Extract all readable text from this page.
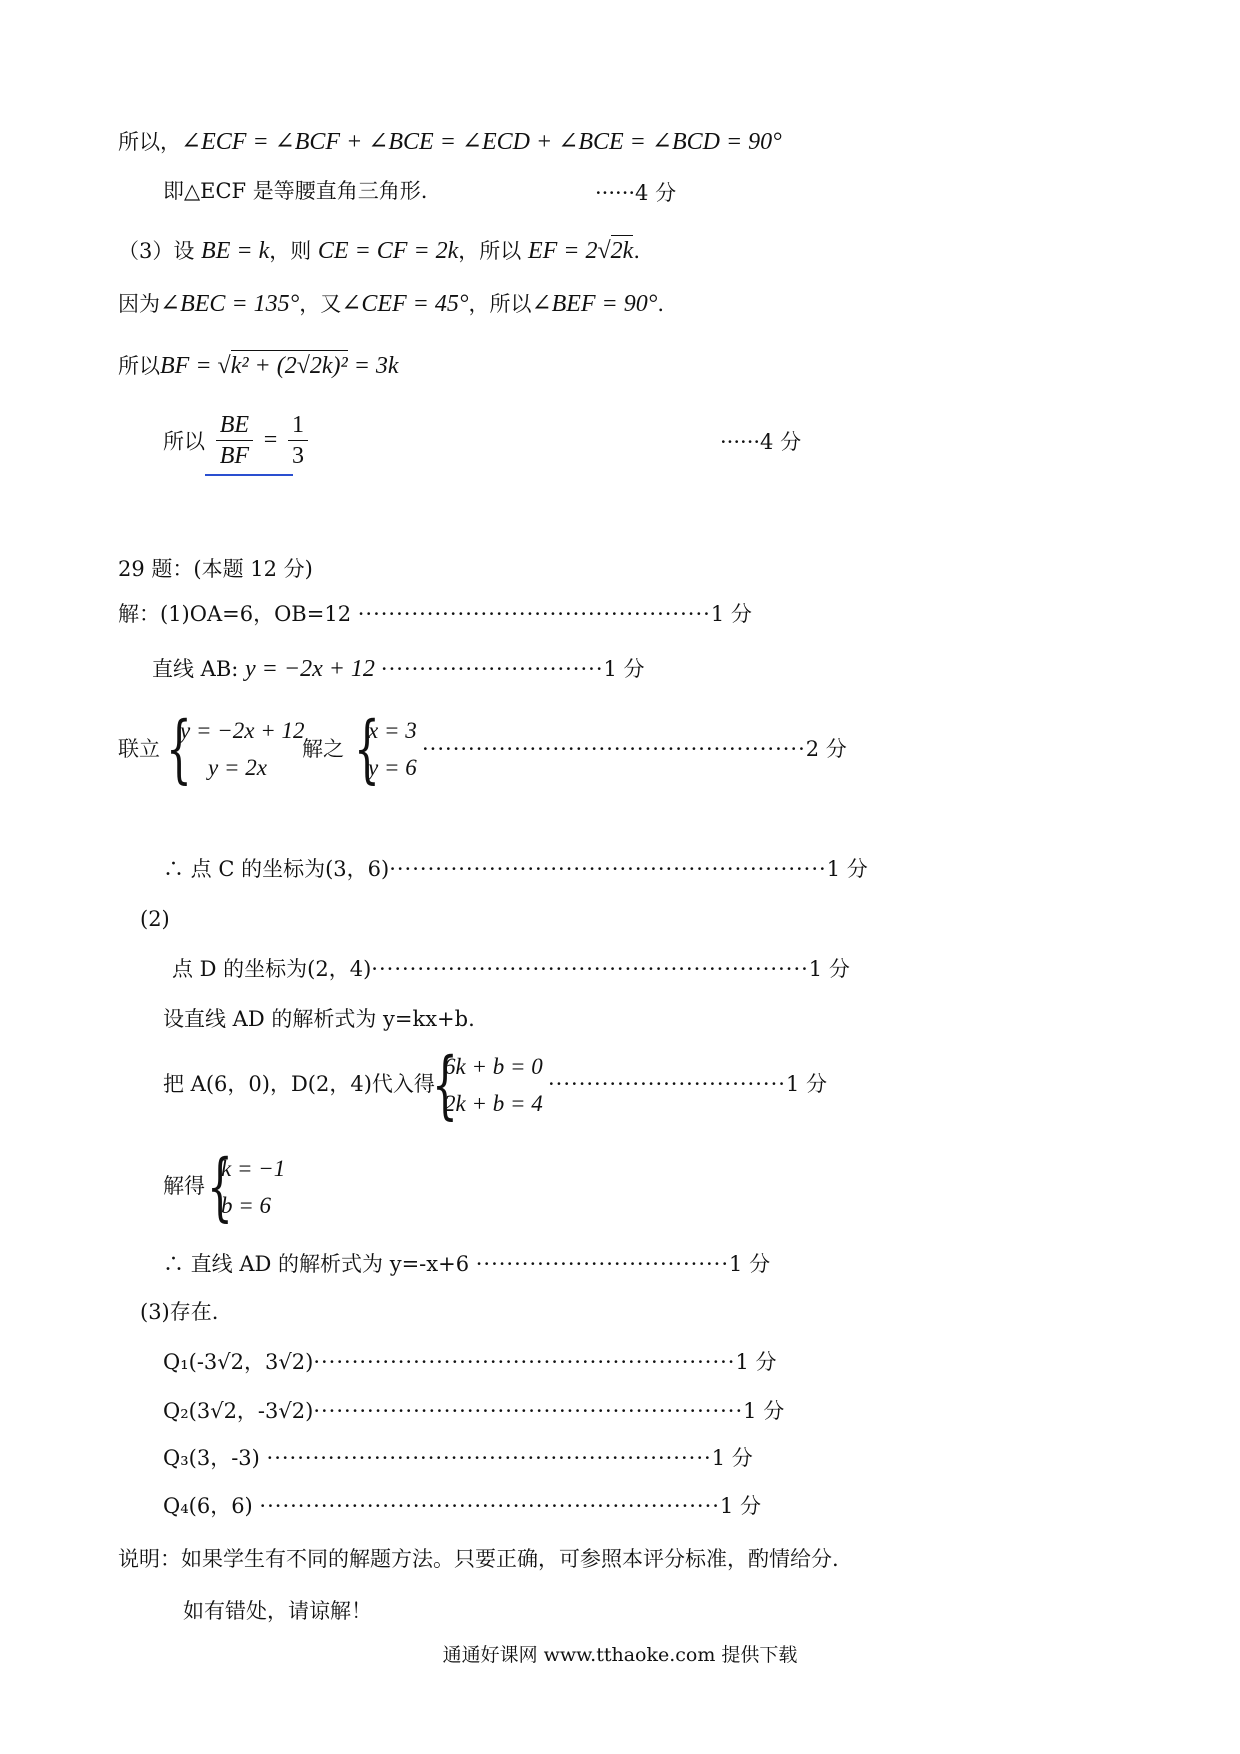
所以，∠ECF = ∠BCF + ∠BCE = ∠ECD + ∠BCE = ∠BCD = 90°
即△ECF 是等腰直角三角形.	······4 分
（3）设 BE = k，则 CE = CF = 2k，所以 EF = 2√2k.
因为∠BEC = 135°，又∠CEF = 45°，所以∠BEF = 90°.
所以BF = √k² + (2√2k)² = 3k
所以 $\frac{BE}{BF} = \frac{1}{3}$	······4 分
29 题：(本题 12 分)
解：(1)OA=6，OB=12 ··············································1 分
直线 AB: y = −2x + 12 ·····························1 分
联立 {
y = −2x + 12
y = 2x
解之 {
x = 3
y = 6
··················································2 分
∴ 点 C 的坐标为(3，6)·························································1 分
(2)
点 D 的坐标为(2，4)·························································1 分
设直线 AD 的解析式为 y=kx+b.
把 A(6，0)，D(2，4)代入得
{
6k + b = 0
2k + b = 4
·······························1 分
解得 {
k = −1
b = 6
∴ 直线 AD 的解析式为 y=-x+6 ·································1 分
(3)存在.
Q₁(-3√2，3√2)·······················································1 分
Q₂(3√2，-3√2)························································1 分
Q₃(3，-3) ··························································1 分
Q₄(6，6) ····························································1 分
说明：如果学生有不同的解题方法。只要正确，可参照本评分标准，酌情给分.
如有错处，请谅解！
通通好课网 www.tthaoke.com 提供下载
